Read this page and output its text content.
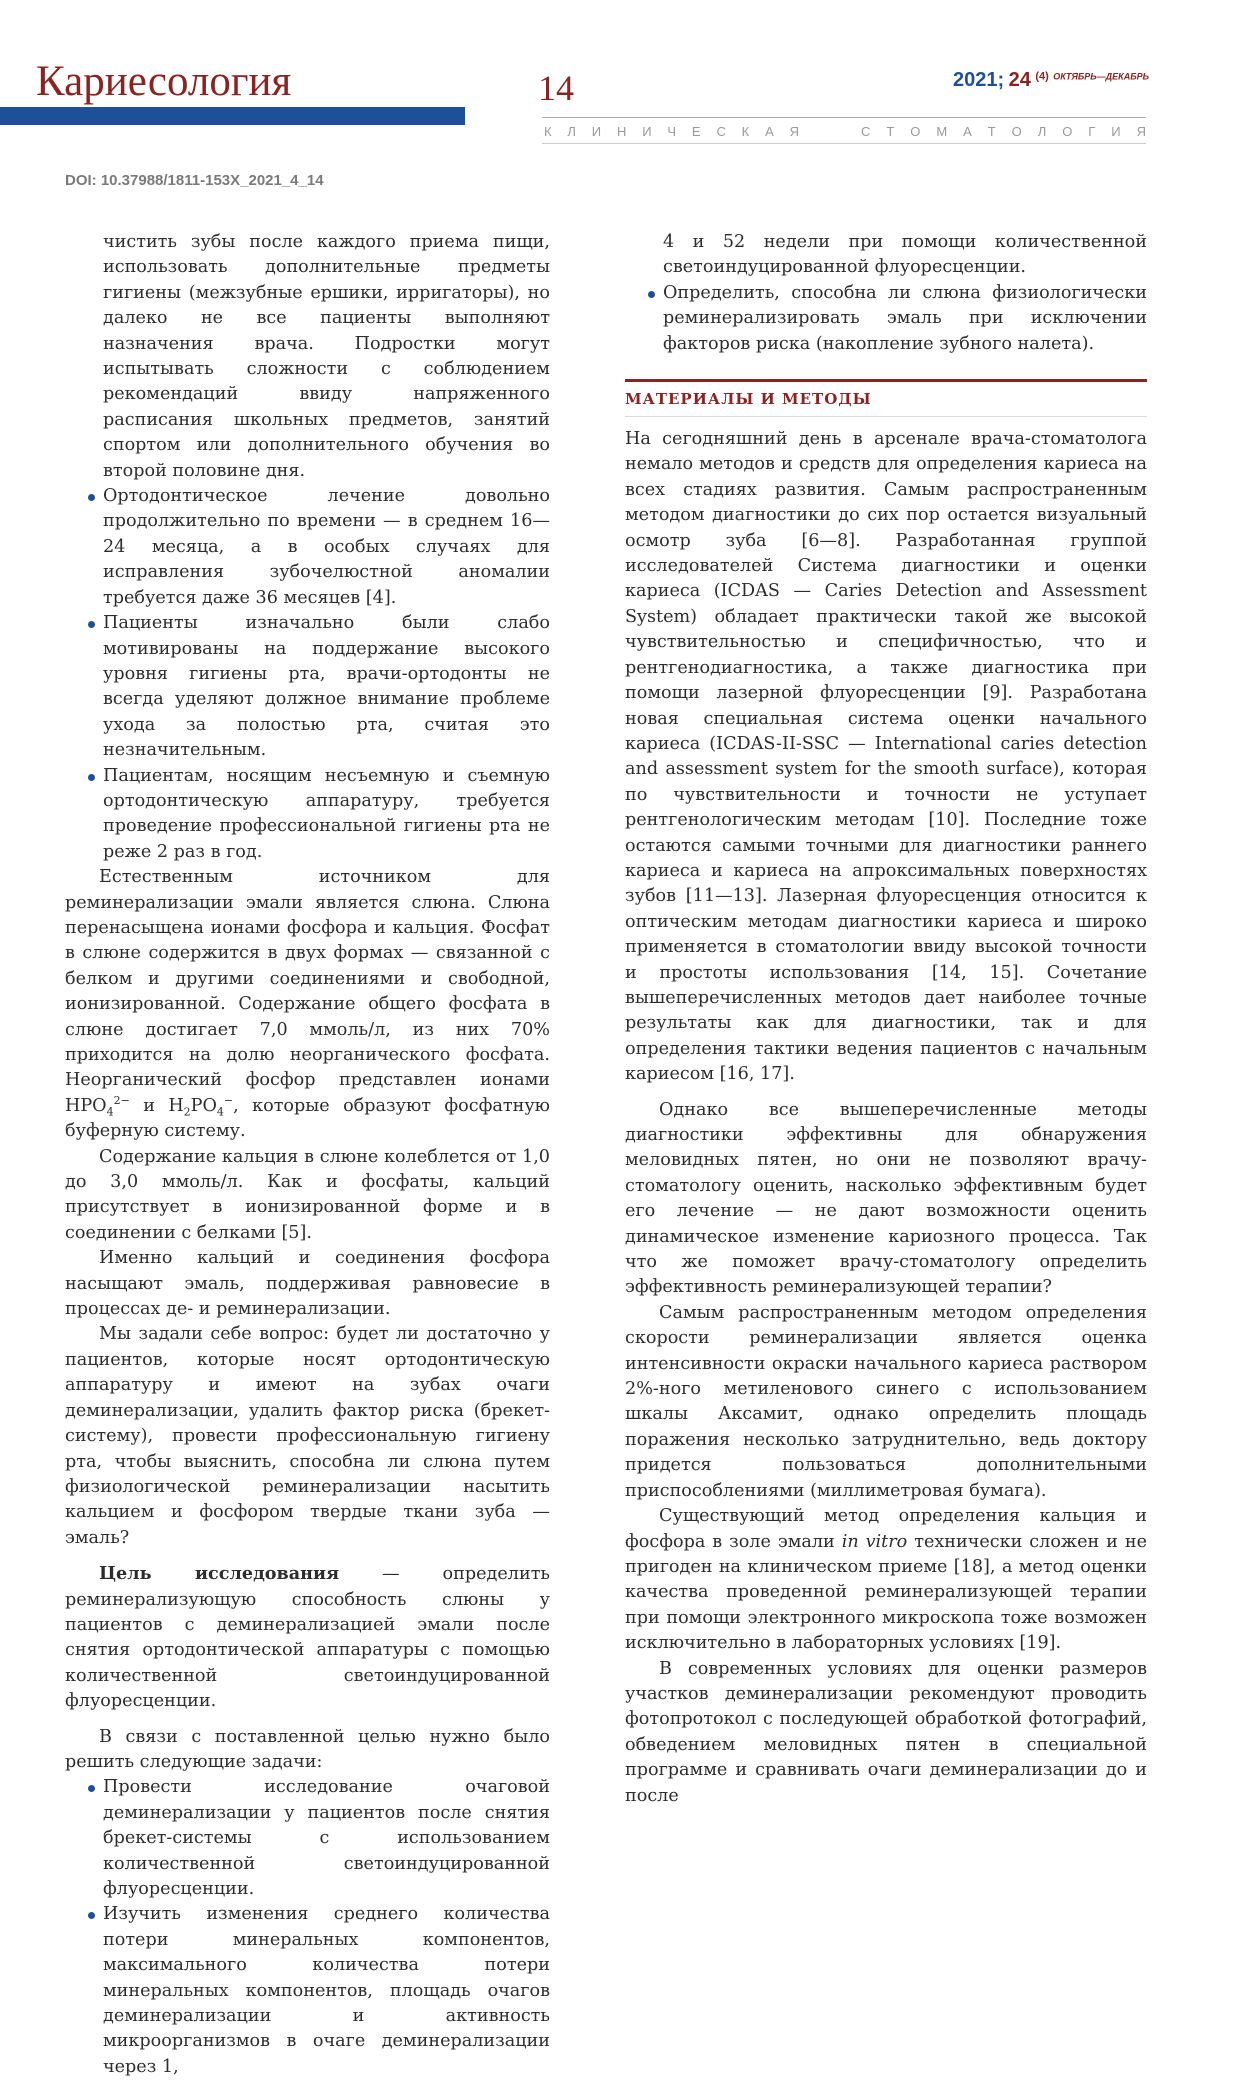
Кариесология	14	2021; 24 $^{(4)}$ $^{ОКТЯБРЬ—ДЕКАБРЬ}$
К Л И Н И Ч Е С К А Я	С Т О М А Т О Л О Г И Я
DOI: 10.37988/1811-153X_2021_4_14

чистить зубы после каждого приема пищи, использовать дополнительные предметы гигиены (межзубные ершики, ирригаторы), но далеко не все пациенты выполняют назначения врача. Подростки могут испытывать сложности с соблюдением рекомендаций ввиду напряженного расписания школьных предметов, занятий спортом или дополнительного обучения во второй половине дня.

Ортодонтическое лечение довольно продолжительно по времени — в среднем 16—24 месяца, а в особых случаях для исправления зубочелюстной аномалии требуется даже 36 месяцев [4].
Пациенты изначально были слабо мотивированы на поддержание высокого уровня гигиены рта, врачи-ортодонты не всегда уделяют должное внимание проблеме ухода за полостью рта, считая это незначительным.
Пациентам, носящим несъемную и съемную ортодонтическую аппаратуру, требуется проведение профессиональной гигиены рта не реже 2 раз в год.

Естественным источником для реминерализации эмали является слюна. Слюна перенасыщена ионами фосфора и кальция. Фосфат в слюне содержится в двух формах — связанной с белком и другими соединениями и свободной, ионизированной. Содержание общего фосфата в слюне достигает 7,0 ммоль/л, из них 70% приходится на долю неорганического фосфата. Неорганический фосфор представлен ионами $HPO_4^{2-}$ и $H_2PO_4^-$, которые образуют фосфатную буферную систему.

Содержание кальция в слюне колеблется от 1,0 до 3,0 ммоль/л. Как и фосфаты, кальций присутствует в ионизированной форме и в соединении с белками [5].

Именно кальций и соединения фосфора насыщают эмаль, поддерживая равновесие в процессах де- и реминерализации.

Мы задали себе вопрос: будет ли достаточно у пациентов, которые носят ортодонтическую аппаратуру и имеют на зубах очаги деминерализации, удалить фактор риска (брекет-систему), провести профессиональную гигиену рта, чтобы выяснить, способна ли слюна путем физиологической реминерализации насытить кальцием и фосфором твердые ткани зуба — эмаль?

Цель исследования — определить реминерализующую способность слюны у пациентов с деминерализацией эмали после снятия ортодонтической аппаратуры с помощью количественной светоиндуцированной флуоресценции.

В связи с поставленной целью нужно было решить следующие задачи:

Провести исследование очаговой деминерализации у пациентов после снятия брекет-системы с использованием количественной светоиндуцированной флуоресценции.
Изучить изменения среднего количества потери минеральных компонентов, максимального количества потери минеральных компонентов, площадь очагов деминерализации и активность микроорганизмов в очаге деминерализации через 1,

4 и 52 недели при помощи количественной светоиндуцированной флуоресценции.

Определить, способна ли слюна физиологически реминерализировать эмаль при исключении факторов риска (накопление зубного налета).
МАТЕРИАЛЫ И МЕТОДЫ

На сегодняшний день в арсенале врача-стоматолога немало методов и средств для определения кариеса на всех стадиях развития. Самым распространенным методом диагностики до сих пор остается визуальный осмотр зуба [6—8]. Разработанная группой исследователей Система диагностики и оценки кариеса (ICDAS — Caries Detection and Assessment System) обладает практически такой же высокой чувствительностью и специфичностью, что и рентгенодиагностика, а также диагностика при помощи лазерной флуоресценции [9]. Разработана новая специальная система оценки начального кариеса (ICDAS-II-SSC — International caries detection and assessment system for the smooth surface), которая по чувствительности и точности не уступает рентгенологическим методам [10]. Последние тоже остаются самыми точными для диагностики раннего кариеса и кариеса на апроксимальных поверхностях зубов [11—13]. Лазерная флуоресценция относится к оптическим методам диагностики кариеса и широко применяется в стоматологии ввиду высокой точности и простоты использования [14, 15]. Сочетание вышеперечисленных методов дает наиболее точные результаты как для диагностики, так и для определения тактики ведения пациентов с начальным кариесом [16, 17].

Однако все вышеперечисленные методы диагностики эффективны для обнаружения меловидных пятен, но они не позволяют врачу-стоматологу оценить, насколько эффективным будет его лечение — не дают возможности оценить динамическое изменение кариозного процесса. Так что же поможет врачу-стоматологу определить эффективность реминерализующей терапии?

Самым распространенным методом определения скорости реминерализации является оценка интенсивности окраски начального кариеса раствором 2%-ного метиленового синего с использованием шкалы Аксамит, однако определить площадь поражения несколько затруднительно, ведь доктору придется пользоваться дополнительными приспособлениями (миллиметровая бумага).

Существующий метод определения кальция и фосфора в золе эмали in vitro технически сложен и не пригоден на клиническом приеме [18], а метод оценки качества проведенной реминерализующей терапии при помощи электронного микроскопа тоже возможен исключительно в лабораторных условиях [19].

В современных условиях для оценки размеров участков деминерализации рекомендуют проводить фотопротокол с последующей обработкой фотографий, обведением меловидных пятен в специальной программе и сравнивать очаги деминерализации до и после
